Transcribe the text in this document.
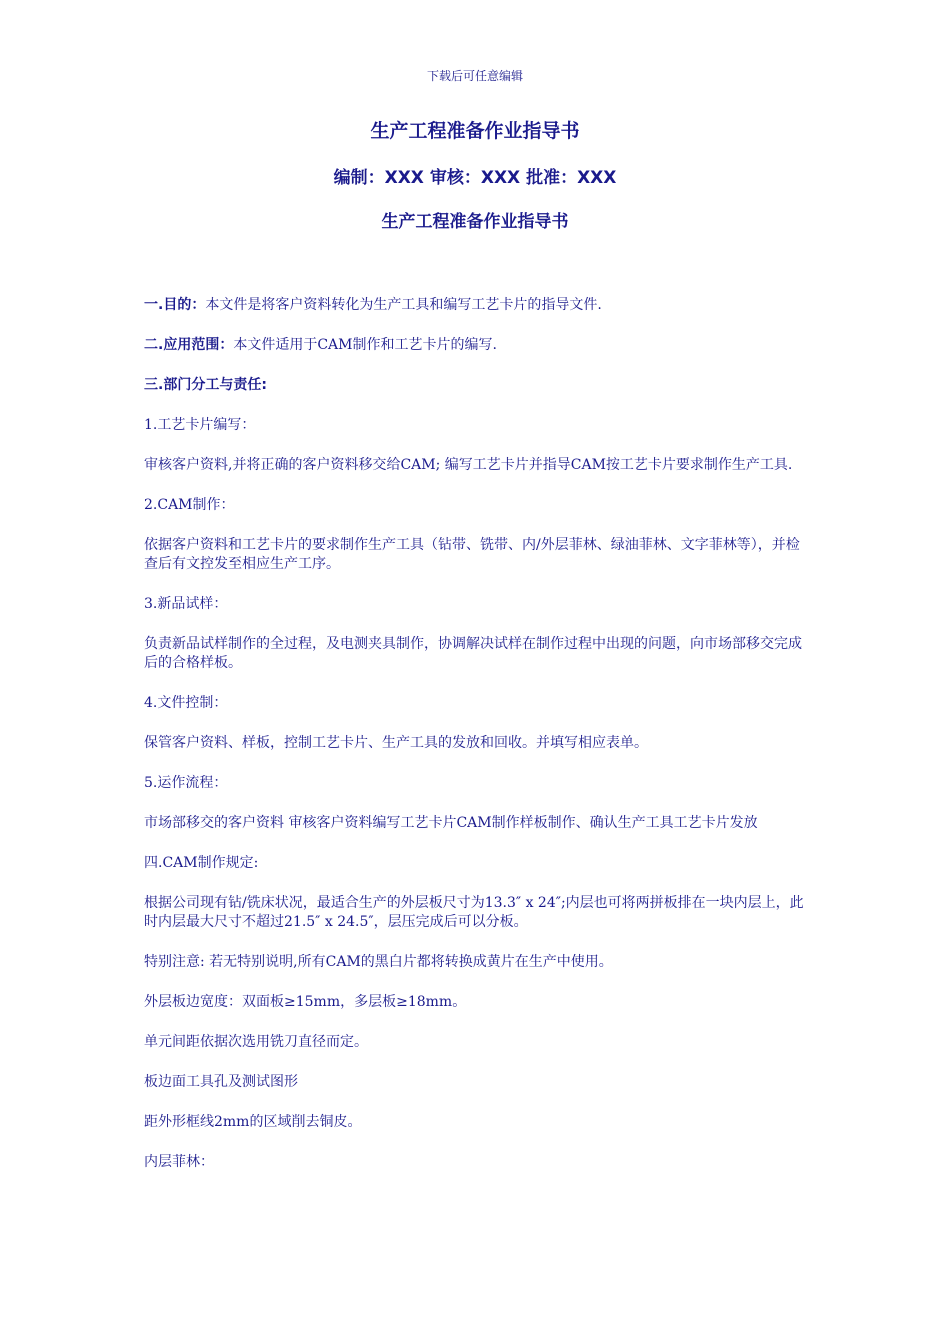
下载后可任意编辑
生产工程准备作业指导书
编制：XXX 审核：XXX 批准：XXX
生产工程准备作业指导书

一.目的：本文件是将客户资料转化为生产工具和编写工艺卡片的指导文件.

二.应用范围：本文件适用于CAM制作和工艺卡片的编写.

三.部门分工与责任:

1.工艺卡片编写：

审核客户资料,并将正确的客户资料移交给CAM; 编写工艺卡片并指导CAM按工艺卡片要求制作生产工具.

2.CAM制作：

依据客户资料和工艺卡片的要求制作生产工具（钻带、铣带、内/外层菲林、绿油菲林、文字菲林等），并检查后有文控发至相应生产工序。

3.新品试样：

负责新品试样制作的全过程，及电测夹具制作，协调解决试样在制作过程中出现的问题，向市场部移交完成后的合格样板。

4.文件控制：

保管客户资料、样板，控制工艺卡片、生产工具的发放和回收。并填写相应表单。

5.运作流程：

市场部移交的客户资料 审核客户资料编写工艺卡片CAM制作样板制作、确认生产工具工艺卡片发放

四.CAM制作规定:

根据公司现有钻/铣床状况，最适合生产的外层板尺寸为13.3″ x 24″;内层也可将两拼板排在一块内层上，此时内层最大尺寸不超过21.5″ x 24.5″，层压完成后可以分板。

特别注意: 若无特别说明,所有CAM的黑白片都将转换成黄片在生产中使用。

外层板边宽度：双面板≥15mm，多层板≥18mm。

单元间距依据次选用铣刀直径而定。

板边面工具孔及测试图形

距外形框线2mm的区域削去铜皮。

内层菲林：
